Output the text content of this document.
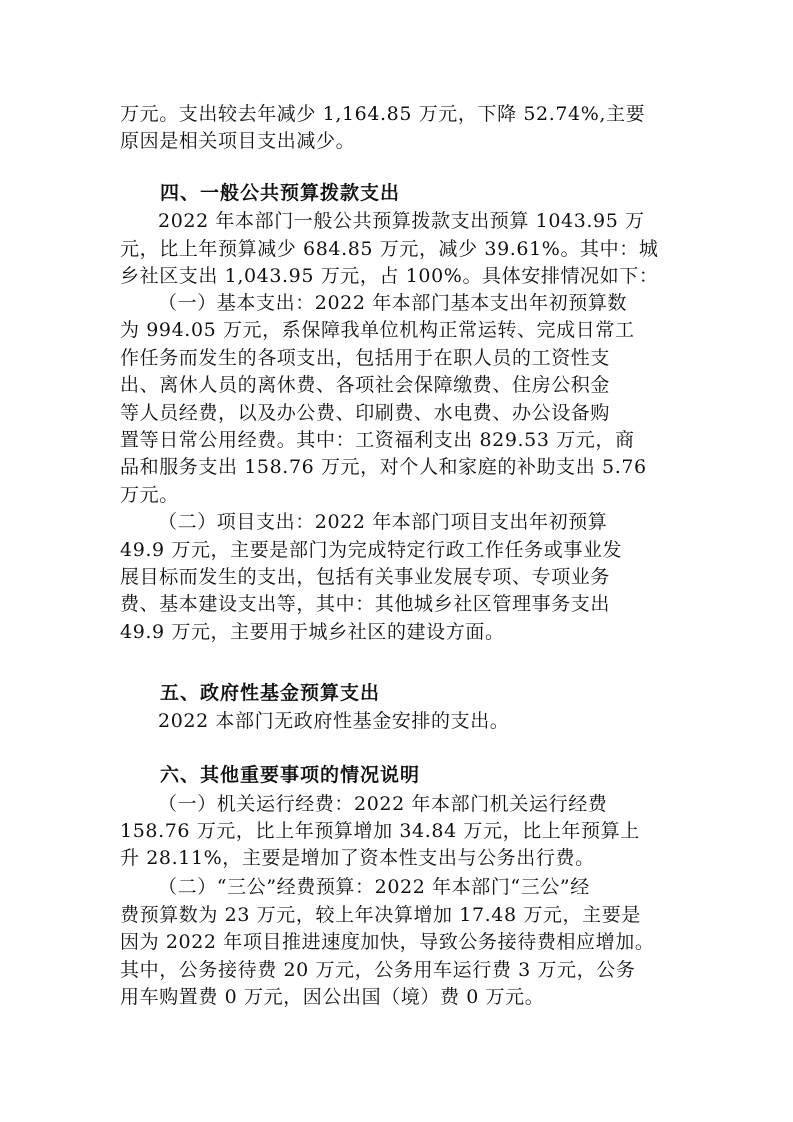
万元。支出较去年减少 1,164.85 万元，下降 52.74%,主要
原因是相关项目支出减少。
四、一般公共预算拨款支出
2022 年本部门一般公共预算拨款支出预算 1043.95 万
元，比上年预算减少 684.85 万元，减少 39.61%。其中：城
乡社区支出 1,043.95 万元，占 100%。具体安排情况如下：
（一）基本支出：2022 年本部门基本支出年初预算数
为 994.05 万元，系保障我单位机构正常运转、完成日常工
作任务而发生的各项支出，包括用于在职人员的工资性支
出、离休人员的离休费、各项社会保障缴费、住房公积金
等人员经费，以及办公费、印刷费、水电费、办公设备购
置等日常公用经费。其中：工资福利支出 829.53 万元，商
品和服务支出 158.76 万元，对个人和家庭的补助支出 5.76
万元。
（二）项目支出：2022 年本部门项目支出年初预算
49.9 万元，主要是部门为完成特定行政工作任务或事业发
展目标而发生的支出，包括有关事业发展专项、专项业务
费、基本建设支出等，其中：其他城乡社区管理事务支出
49.9 万元，主要用于城乡社区的建设方面。
五、政府性基金预算支出
2022 本部门无政府性基金安排的支出。
六、其他重要事项的情况说明
（一）机关运行经费：2022 年本部门机关运行经费
158.76 万元，比上年预算增加 34.84 万元，比上年预算上
升 28.11%，主要是增加了资本性支出与公务出行费。
（二）“三公”经费预算：2022 年本部门“三公”经
费预算数为 23 万元，较上年决算增加 17.48 万元，主要是
因为 2022 年项目推进速度加快，导致公务接待费相应增加。
其中，公务接待费 20 万元，公务用车运行费 3 万元，公务
用车购置费 0 万元，因公出国（境）费 0 万元。
